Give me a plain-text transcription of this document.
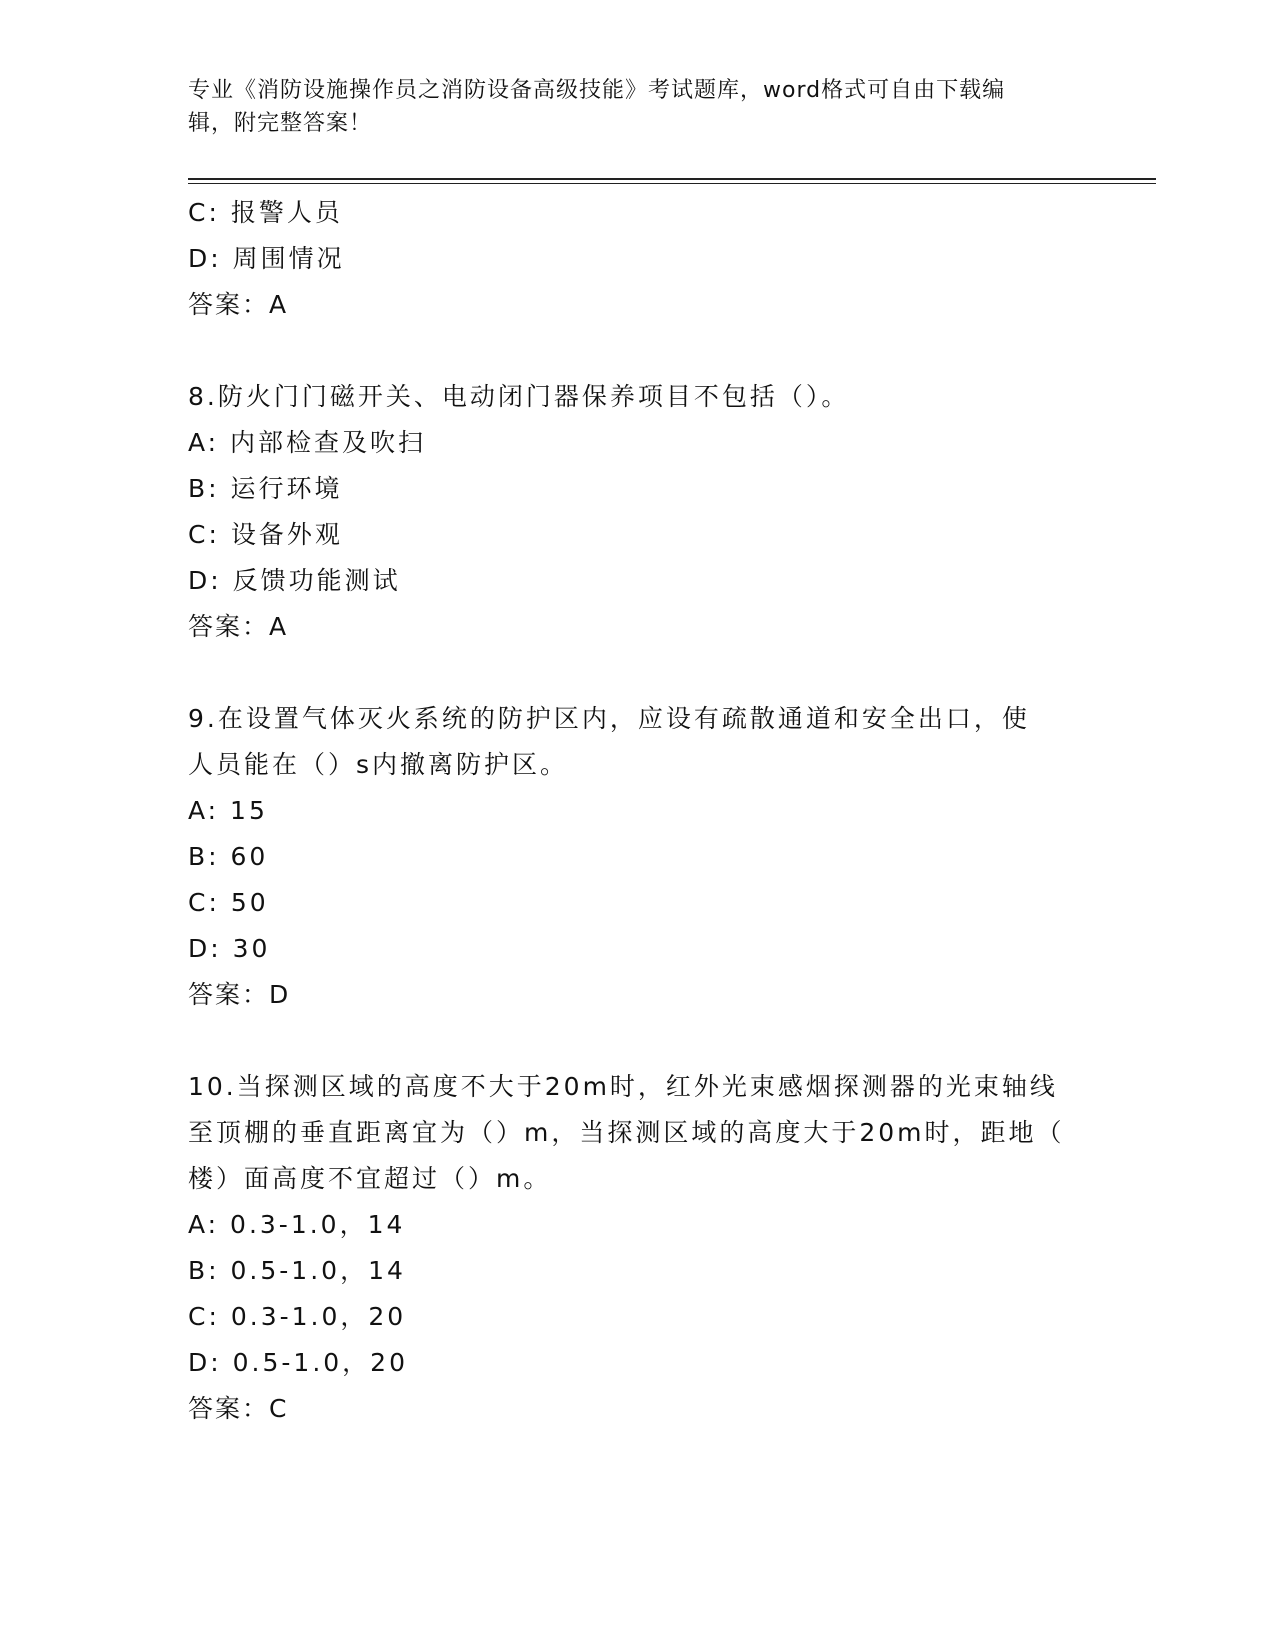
专业《消防设施操作员之消防设备高级技能》考试题库，word格式可自由下载编
辑，附完整答案！
C: 报警人员
D: 周围情况
答案：A
8.防火门门磁开关、电动闭门器保养项目不包括（）。
A: 内部检查及吹扫
B: 运行环境
C: 设备外观
D: 反馈功能测试
答案：A
9.在设置气体灭火系统的防护区内，应设有疏散通道和安全出口，使
人员能在（）s内撤离防护区。
A: 15
B: 60
C: 50
D: 30
答案：D
10.当探测区域的高度不大于20m时，红外光束感烟探测器的光束轴线
至顶棚的垂直距离宜为（）m，当探测区域的高度大于20m时，距地（
楼）面高度不宜超过（）m。
A: 0.3-1.0，14
B: 0.5-1.0，14
C: 0.3-1.0，20
D: 0.5-1.0，20
答案：C
